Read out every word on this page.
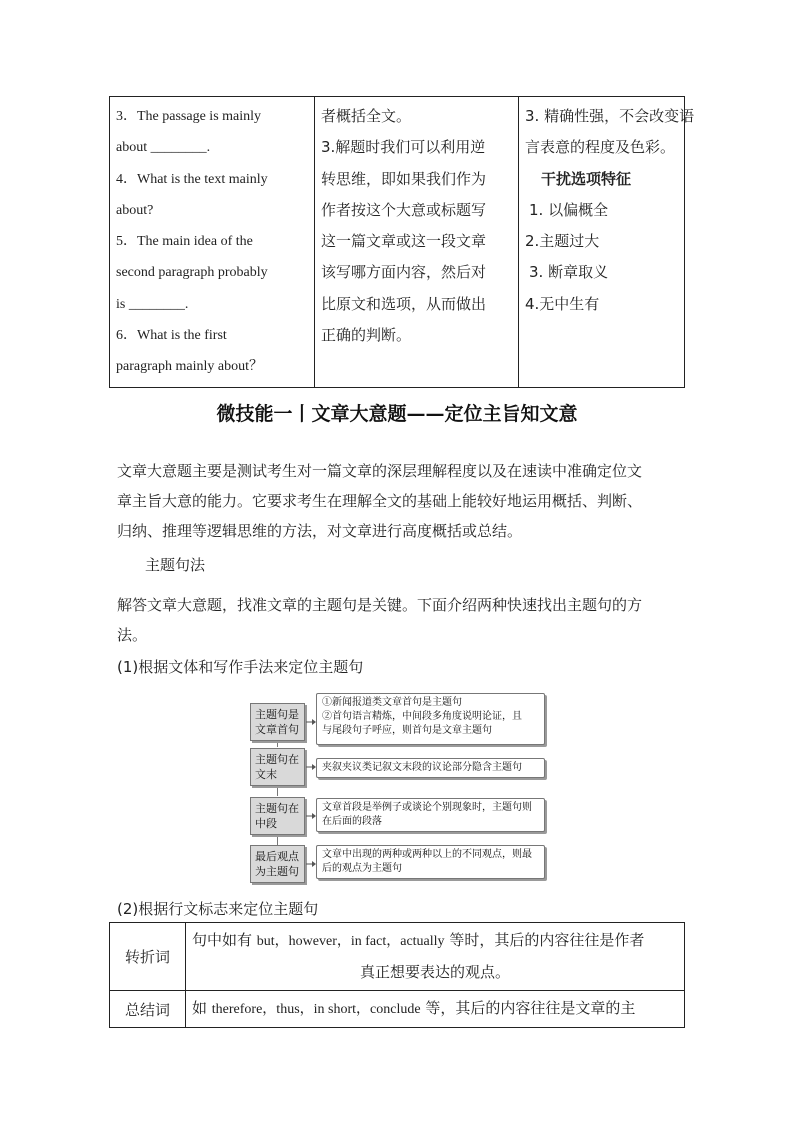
3．The passage is mainly
about ________.
4．What is the text mainly
about?
5．The main idea of the
second paragraph probably
is ________.
6．What is the first
paragraph mainly about？

者概括全文。
3.解题时我们可以利用逆
转思维，即如果我们作为
作者按这个大意或标题写
这一篇文章或这一段文章
该写哪方面内容，然后对
比原文和选项，从而做出
正确的判断。

3. 精确性强，不会改变语
言表意的程度及色彩。
干扰选项特征
1. 以偏概全
2.主题过大
3. 断章取义
4.无中生有
微技能一丨文章大意题——定位主旨知文意
文章大意题主要是测试考生对一篇文章的深层理解程度以及在速读中准确定位文
章主旨大意的能力。它要求考生在理解全文的基础上能较好地运用概括、判断、
归纳、推理等逻辑思维的方法，对文章进行高度概括或总结。
主题句法
解答文章大意题，找准文章的主题句是关键。下面介绍两种快速找出主题句的方
法。
(1)根据文体和写作手法来定位主题句
主题句是
文章首句
①新闻报道类文章首句是主题句
②首句语言精炼，中间段多角度说明论证，且
与尾段句子呼应，则首句是文章主题句
主题句在
文末
夹叙夹议类记叙文末段的议论部分隐含主题句
主题句在
中段
文章首段是举例子或谈论个别现象时，主题句则
在后面的段落
最后观点
为主题句
文章中出现的两种或两种以上的不同观点，则最
后的观点为主题句
(2)根据行文标志来定位主题句
转折词	句中如有 but，however，in fact，actually 等时，其后的内容往往是作者
真正想要表达的观点。

总结词	如 therefore，thus，in short，conclude 等，其后的内容往往是文章的主
